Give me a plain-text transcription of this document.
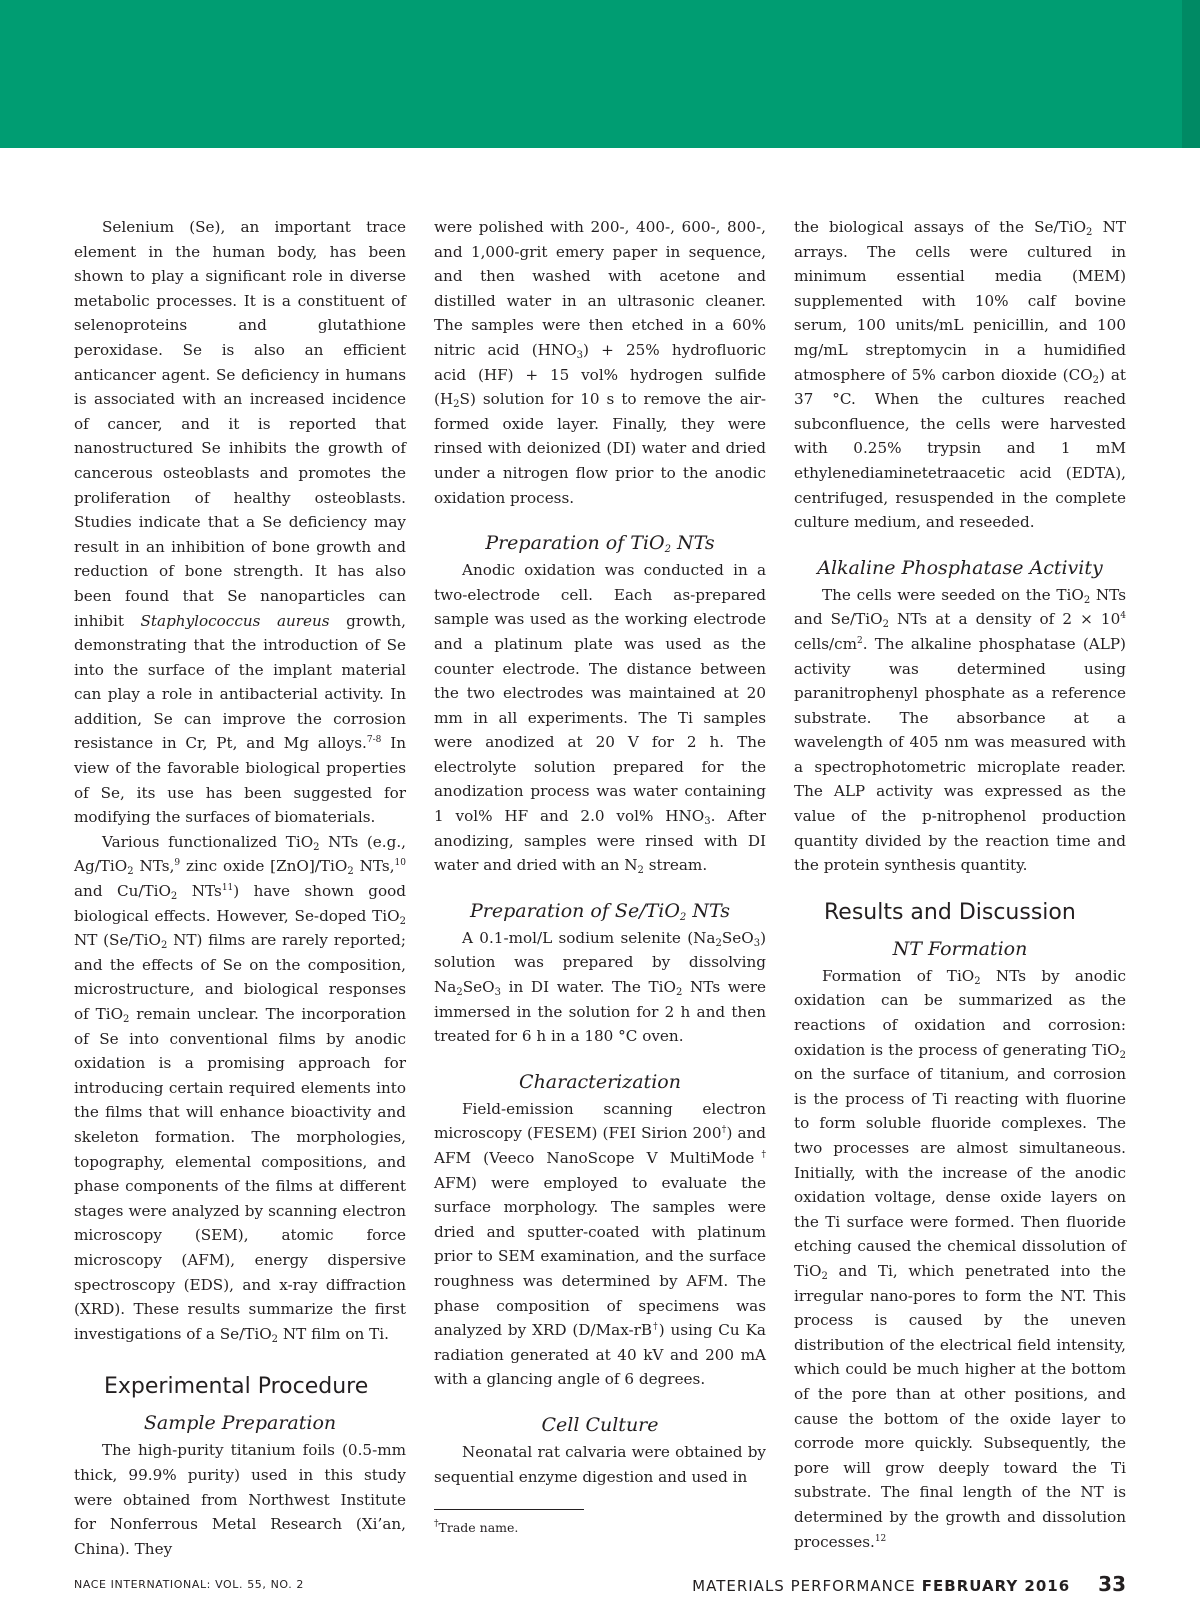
Selenium (Se), an important trace element in the human body, has been shown to play a significant role in diverse metabolic processes. It is a constituent of selenoproteins and glutathione peroxidase. Se is also an efficient anticancer agent. Se deficiency in humans is associated with an increased incidence of cancer, and it is reported that nanostructured Se inhibits the growth of cancerous osteoblasts and promotes the proliferation of healthy osteoblasts. Studies indicate that a Se deficiency may result in an inhibition of bone growth and reduction of bone strength. It has also been found that Se nanoparticles can inhibit Staphylococcus aureus growth, demonstrating that the introduction of Se into the surface of the implant material can play a role in antibacterial activity. In addition, Se can improve the corrosion resistance in Cr, Pt, and Mg alloys.$^{7-8}$ In view of the favorable biological properties of Se, its use has been suggested for modifying the surfaces of biomaterials.

Various functionalized TiO$_2$ NTs (e.g., Ag/TiO$_2$ NTs,$^9$ zinc oxide [ZnO]/TiO$_2$ NTs,$^{10}$ and Cu/TiO$_2$ NTs$^{11}$) have shown good biological effects. However, Se-doped TiO$_2$ NT (Se/TiO$_2$ NT) films are rarely reported; and the effects of Se on the composition, microstructure, and biological responses of TiO$_2$ remain unclear. The incorporation of Se into conventional films by anodic oxidation is a promising approach for introducing certain required elements into the films that will enhance bioactivity and skeleton formation. The morphologies, topography, elemental compositions, and phase components of the films at different stages were analyzed by scanning electron microscopy (SEM), atomic force microscopy (AFM), energy dispersive spectroscopy (EDS), and x-ray diffraction (XRD). These results summarize the first investigations of a Se/TiO$_2$ NT film on Ti.

Experimental Procedure
Sample Preparation

The high-purity titanium foils (0.5-mm thick, 99.9% purity) used in this study were obtained from Northwest Institute for Nonferrous Metal Research (Xi’an, China). They

were polished with 200-, 400-, 600-, 800-, and 1,000-grit emery paper in sequence, and then washed with acetone and distilled water in an ultrasonic cleaner. The samples were then etched in a 60% nitric acid $(HNO_3) + 25\%$ hydrofluoric acid (HF) + 15 vol% hydrogen sulfide $(H_2S)$ solution for 10 s to remove the air-formed oxide layer. Finally, they were rinsed with deionized (DI) water and dried under a nitrogen flow prior to the anodic oxidation process.

Preparation of TiO$_2$ NTs

Anodic oxidation was conducted in a two-electrode cell. Each as-prepared sample was used as the working electrode and a platinum plate was used as the counter electrode. The distance between the two electrodes was maintained at 20 mm in all experiments. The Ti samples were anodized at 20 V for 2 h. The electrolyte solution prepared for the anodization process was water containing 1 vol% HF and 2.0 vol% $HNO_3$. After anodizing, samples were rinsed with DI water and dried with an $N_2$ stream.

Preparation of Se/TiO$_2$ NTs

A 0.1-mol/L sodium selenite $(Na_2SeO_3)$ solution was prepared by dissolving $Na_2SeO_3$ in DI water. The TiO$_2$ NTs were immersed in the solution for 2 h and then treated for 6 h in a 180 °C oven.

Characterization

Field-emission scanning electron microscopy (FESEM) (FEI Sirion 200†) and AFM (Veeco NanoScope V MultiMode† AFM) were employed to evaluate the surface morphology. The samples were dried and sputter-coated with platinum prior to SEM examination, and the surface roughness was determined by AFM. The phase composition of specimens was analyzed by XRD (D/Max-rB†) using Cu Ka radiation generated at 40 kV and 200 mA with a glancing angle of 6 degrees.

Cell Culture

Neonatal rat calvaria were obtained by sequential enzyme digestion and used in

†Trade name.

the biological assays of the Se/TiO$_2$ NT arrays. The cells were cultured in minimum essential media (MEM) supplemented with 10% calf bovine serum, 100 units/mL penicillin, and 100 mg/mL streptomycin in a humidified atmosphere of 5% carbon dioxide $(CO_2)$ at 37 °C. When the cultures reached subconfluence, the cells were harvested with 0.25% trypsin and 1 mM ethylenediaminetetraacetic acid (EDTA), centrifuged, resuspended in the complete culture medium, and reseeded.

Alkaline Phosphatase Activity

The cells were seeded on the TiO$_2$ NTs and Se/TiO$_2$ NTs at a density of $2 \times 10^4$ cells/$cm^2$. The alkaline phosphatase (ALP) activity was determined using paranitrophenyl phosphate as a reference substrate. The absorbance at a wavelength of 405 nm was measured with a spectrophotometric microplate reader. The ALP activity was expressed as the value of the p-nitrophenol production quantity divided by the reaction time and the protein synthesis quantity.

Results and Discussion
NT Formation

Formation of TiO$_2$ NTs by anodic oxidation can be summarized as the reactions of oxidation and corrosion: oxidation is the process of generating TiO$_2$ on the surface of titanium, and corrosion is the process of Ti reacting with fluorine to form soluble fluoride complexes. The two processes are almost simultaneous. Initially, with the increase of the anodic oxidation voltage, dense oxide layers on the Ti surface were formed. Then fluoride etching caused the chemical dissolution of TiO$_2$ and Ti, which penetrated into the irregular nano-pores to form the NT. This process is caused by the uneven distribution of the electrical field intensity, which could be much higher at the bottom of the pore than at other positions, and cause the bottom of the oxide layer to corrode more quickly. Subsequently, the pore will grow deeply toward the Ti substrate. The final length of the NT is determined by the growth and dissolution processes.$^{12}$

NACE INTERNATIONAL: VOL. 55, NO. 2	MATERIALS PERFORMANCE FEBRUARY 2016 33
